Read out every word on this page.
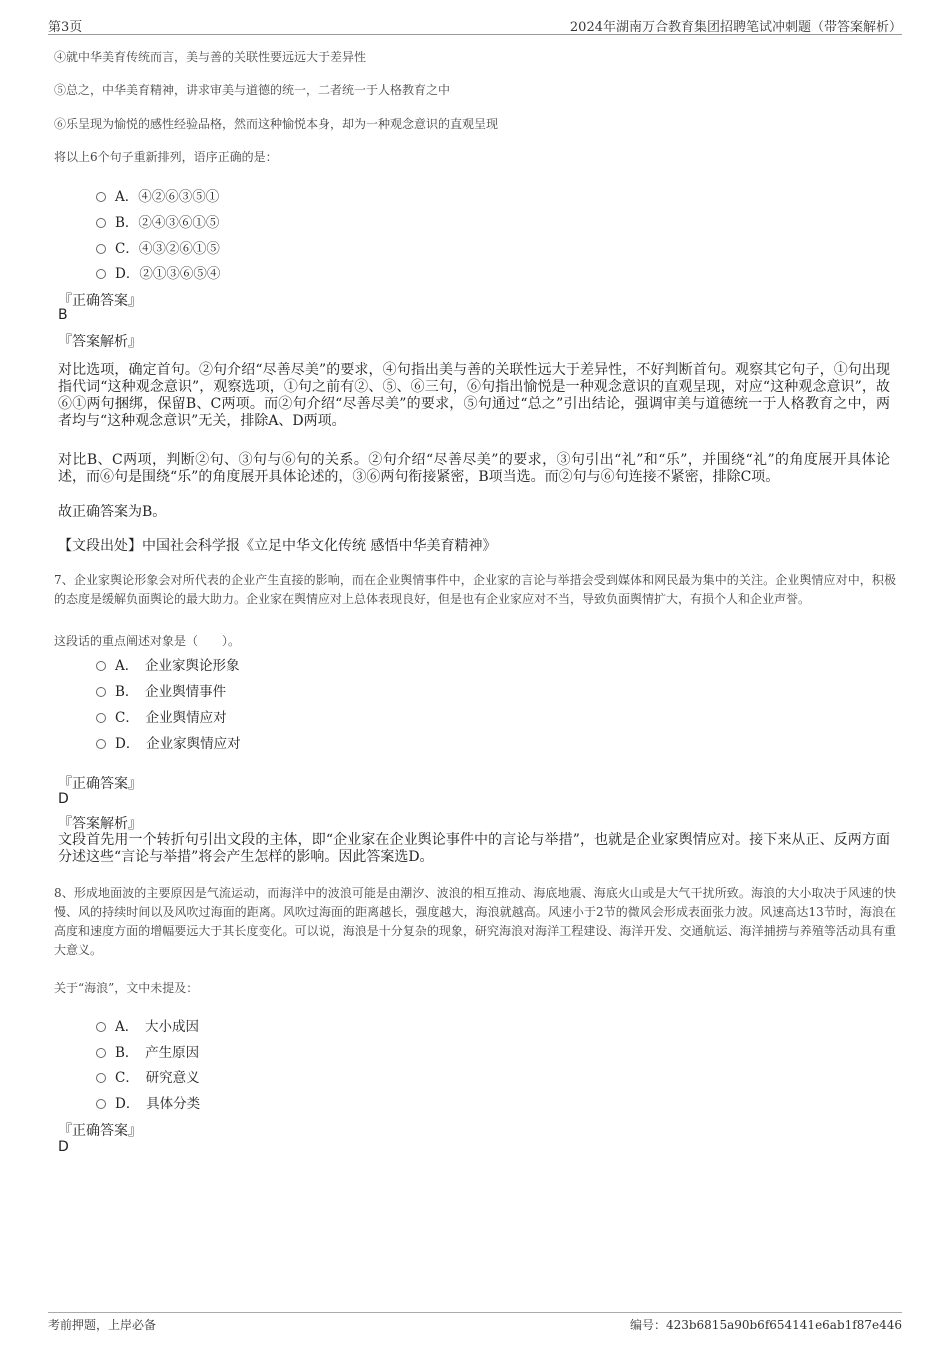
第3页	2024年湖南万合教育集团招聘笔试冲刺题（带答案解析）
④就中华美育传统而言，美与善的关联性要远远大于差异性
⑤总之，中华美育精神，讲求审美与道德的统一，二者统一于人格教育之中
⑥乐呈现为愉悦的感性经验品格，然而这种愉悦本身，却为一种观念意识的直观呈现
将以上6个句子重新排列，语序正确的是：
A．④②⑥③⑤①
B．②④③⑥①⑤
C．④③②⑥①⑤
D．②①③⑥⑤④
『正确答案』
B
『答案解析』
对比选项，确定首句。②句介绍“尽善尽美”的要求，④句指出美与善的关联性远大于差异性，不好判断首句。观察其它句子，①句出现指代词“这种观念意识”，观察选项，①句之前有②、⑤、⑥三句，⑥句指出愉悦是一种观念意识的直观呈现，对应“这种观念意识”，故⑥①两句捆绑，保留B、C两项。而②句介绍“尽善尽美”的要求，⑤句通过“总之”引出结论，强调审美与道德统一于人格教育之中，两者均与“这种观念意识”无关，排除A、D两项。
对比B、C两项，判断②句、③句与⑥句的关系。②句介绍“尽善尽美”的要求，③句引出“礼”和“乐”，并围绕“礼”的角度展开具体论述，而⑥句是围绕“乐”的角度展开具体论述的，③⑥两句衔接紧密，B项当选。而②句与⑥句连接不紧密，排除C项。
故正确答案为B。
【文段出处】中国社会科学报《立足中华文化传统 感悟中华美育精神》
7、企业家舆论形象会对所代表的企业产生直接的影响，而在企业舆情事件中，企业家的言论与举措会受到媒体和网民最为集中的关注。企业舆情应对中，积极的态度是缓解负面舆论的最大助力。企业家在舆情应对上总体表现良好，但是也有企业家应对不当，导致负面舆情扩大，有损个人和企业声誉。
这段话的重点阐述对象是（　　）。
A．　企业家舆论形象
B．　企业舆情事件
C．　企业舆情应对
D．　企业家舆情应对
『正确答案』
D
『答案解析』
文段首先用一个转折句引出文段的主体，即“企业家在企业舆论事件中的言论与举措”，也就是企业家舆情应对。接下来从正、反两方面分述这些“言论与举措”将会产生怎样的影响。因此答案选D。
8、形成地面波的主要原因是气流运动，而海洋中的波浪可能是由潮汐、波浪的相互推动、海底地震、海底火山或是大气干扰所致。海浪的大小取决于风速的快慢、风的持续时间以及风吹过海面的距离。风吹过海面的距离越长，强度越大，海浪就越高。风速小于2节的微风会形成表面张力波。风速高达13节时，海浪在高度和速度方面的增幅要远大于其长度变化。可以说，海浪是十分复杂的现象，研究海浪对海洋工程建设、海洋开发、交通航运、海洋捕捞与养殖等活动具有重大意义。
关于“海浪”，文中未提及：
A．　大小成因
B．　产生原因
C．　研究意义
D．　具体分类
『正确答案』
D
考前押题，上岸必备	编号：423b6815a90b6f654141e6ab1f87e446
